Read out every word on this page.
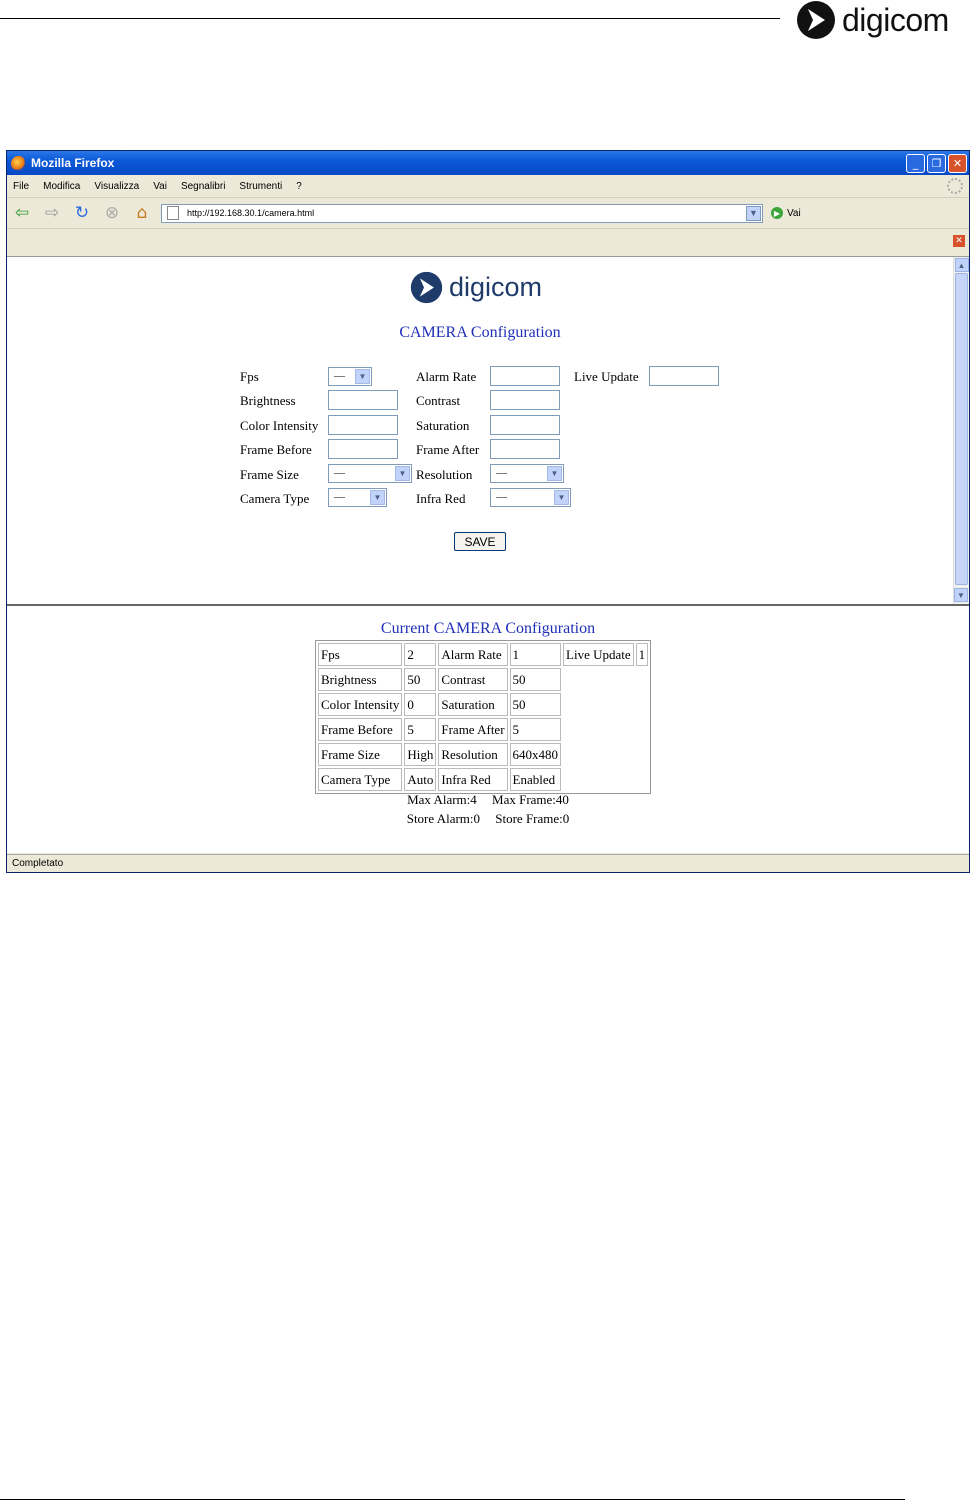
digicom
Mozilla Firefox	_	❐	✕
File Modifica Visualizza Vai Segnalibri Strumenti ?
⇦ ⇨ ↻ ⊗	⌂	http://192.168.30.1/camera.html	▼	▶ Vai
✕
digicom
CAMERA Configuration
Fps	—	▼	Alarm Rate	Live Update
Brightness	Contrast
Color Intensity	Saturation
Frame Before	Frame After
Frame Size	—	▼ Resolution	—	▼
Camera Type	—	▼	Infra Red	—	▼
SAVE
▲
▼
Current CAMERA Configuration
Fps	2	Alarm Rate	1	Live Update	1
Brightness	50	Contrast	50		
Color Intensity	0	Saturation	50		
Frame Before	5	Frame After	5		
Frame Size	High	Resolution	640x480		
Camera Type	Auto	Infra Red	Enabled		
Max Alarm:4 Max Frame:40
Store Alarm:0 Store Frame:0
Completato
